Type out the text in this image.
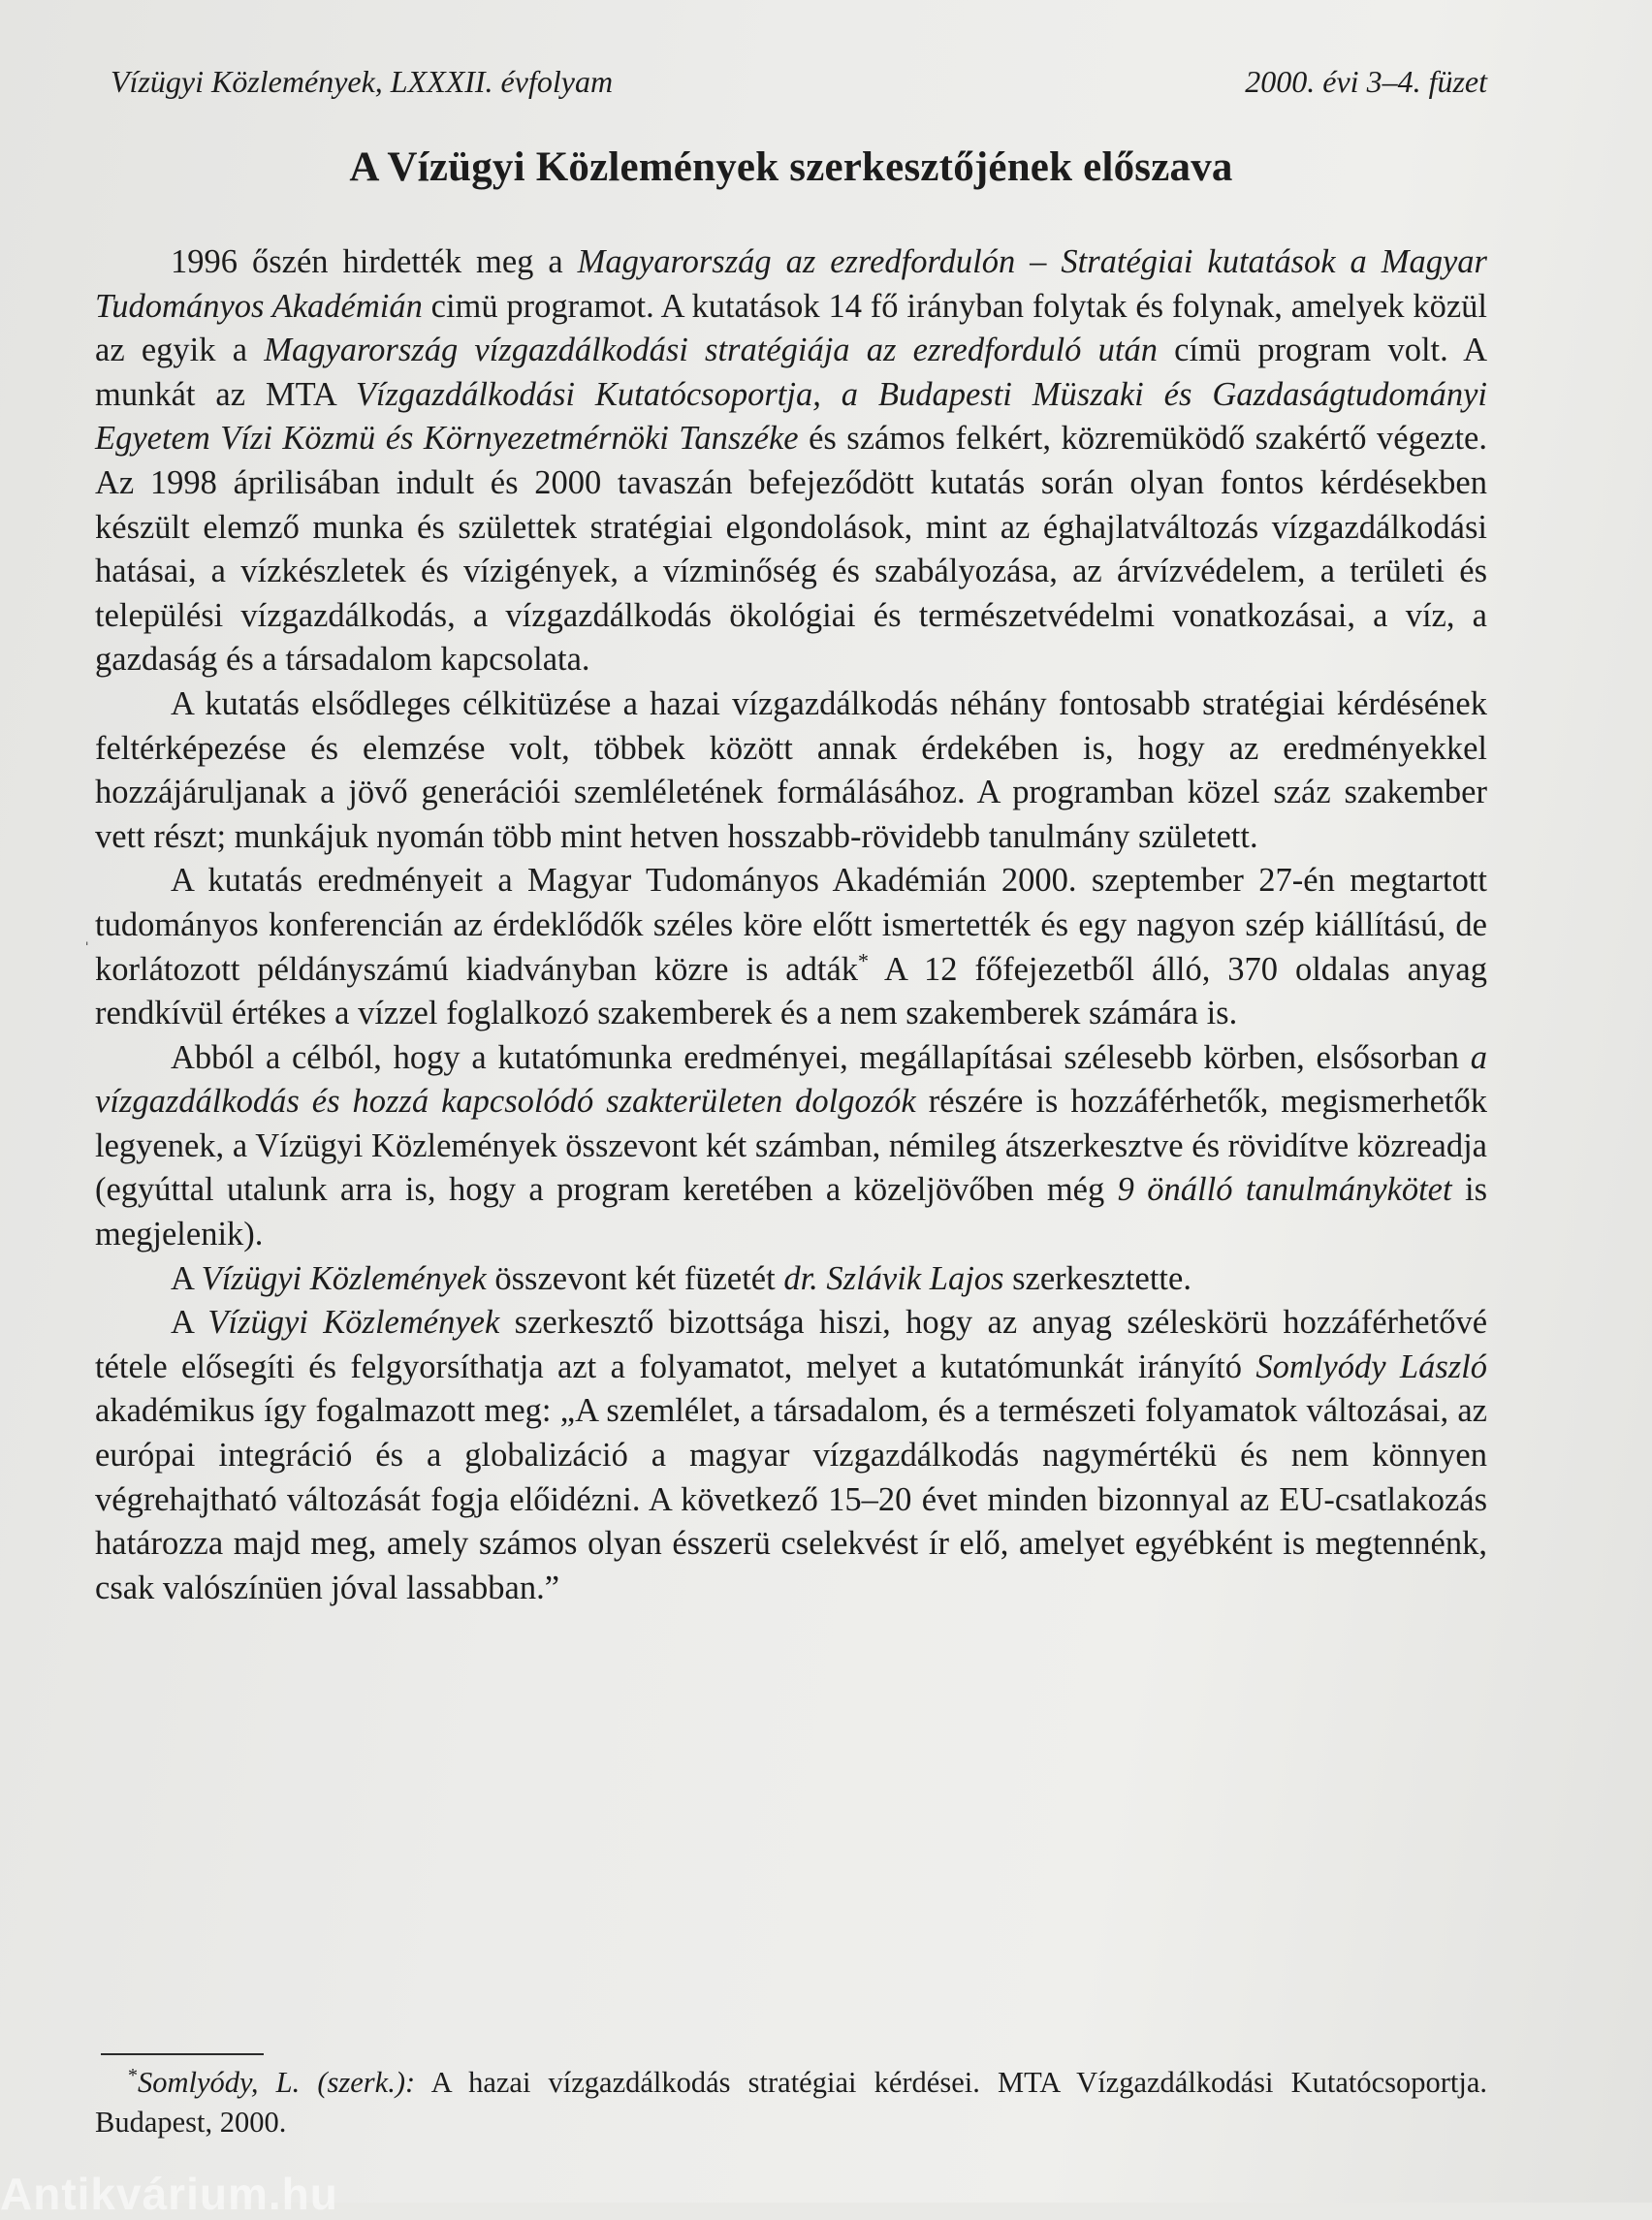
Vízügyi Közlemények, LXXXII. évfolyam	2000. évi 3–4. füzet
A Vízügyi Közlemények szerkesztőjének előszava

1996 őszén hirdették meg a Magyarország az ezredfordulón – Stratégiai kutatások a Magyar Tudományos Akadémián cimü programot. A kutatások 14 fő irányban folytak és folynak, amelyek közül az egyik a Magyarország vízgazdálkodási stratégiája az ezredforduló után címü program volt. A munkát az MTA Vízgazdálkodási Kutatócsoportja, a Budapesti Müszaki és Gazdaságtudományi Egyetem Vízi Közmü és Környezetmérnöki Tanszéke és számos felkért, közremüködő szakértő végezte. Az 1998 áprilisában indult és 2000 tavaszán befejeződött kutatás során olyan fontos kérdésekben készült elemző munka és születtek stratégiai elgondolások, mint az éghajlatváltozás vízgazdálkodási hatásai, a vízkészletek és vízigények, a vízminőség és szabályozása, az árvízvédelem, a területi és települési vízgazdálkodás, a vízgazdálkodás ökológiai és természetvédelmi vonatkozásai, a víz, a gazdaság és a társadalom kapcsolata.

A kutatás elsődleges célkitüzése a hazai vízgazdálkodás néhány fontosabb stratégiai kérdésének feltérképezése és elemzése volt, többek között annak érdekében is, hogy az eredményekkel hozzájáruljanak a jövő generációi szemléletének formálásához. A programban közel száz szakember vett részt; munkájuk nyomán több mint hetven hosszabb-rövidebb tanulmány született.

A kutatás eredményeit a Magyar Tudományos Akadémián 2000. szeptember 27-én megtartott tudományos konferencián az érdeklődők széles köre előtt ismertették és egy nagyon szép kiállítású, de korlátozott példányszámú kiadványban közre is adták* A 12 főfejezetből álló, 370 oldalas anyag rendkívül értékes a vízzel foglalkozó szakemberek és a nem szakemberek számára is.

Abból a célból, hogy a kutatómunka eredményei, megállapításai szélesebb körben, elsősorban a vízgazdálkodás és hozzá kapcsolódó szakterületen dolgozók részére is hozzáférhetők, megismerhetők legyenek, a Vízügyi Közlemények összevont két számban, némileg átszerkesztve és rövidítve közreadja (egyúttal utalunk arra is, hogy a program keretében a közeljövőben még 9 önálló tanulmánykötet is megjelenik).

A Vízügyi Közlemények összevont két füzetét dr. Szlávik Lajos szerkesztette.

A Vízügyi Közlemények szerkesztő bizottsága hiszi, hogy az anyag széleskörü hozzáférhetővé tétele elősegíti és felgyorsíthatja azt a folyamatot, melyet a kutatómunkát irányító Somlyódy László akadémikus így fogalmazott meg: „A szemlélet, a társadalom, és a természeti folyamatok változásai, az európai integráció és a globalizáció a magyar vízgazdálkodás nagymértékü és nem könnyen végrehajtható változását fogja előidézni. A következő 15–20 évet minden bizonnyal az EU-csatlakozás határozza majd meg, amely számos olyan ésszerü cselekvést ír elő, amelyet egyébként is megtennénk, csak valószínüen jóval lassabban.”

ˌ
*Somlyódy, L. (szerk.): A hazai vízgazdálkodás stratégiai kérdései. MTA Vízgazdálkodási Kutatócsoportja. Budapest, 2000.
Antikvárium.hu
